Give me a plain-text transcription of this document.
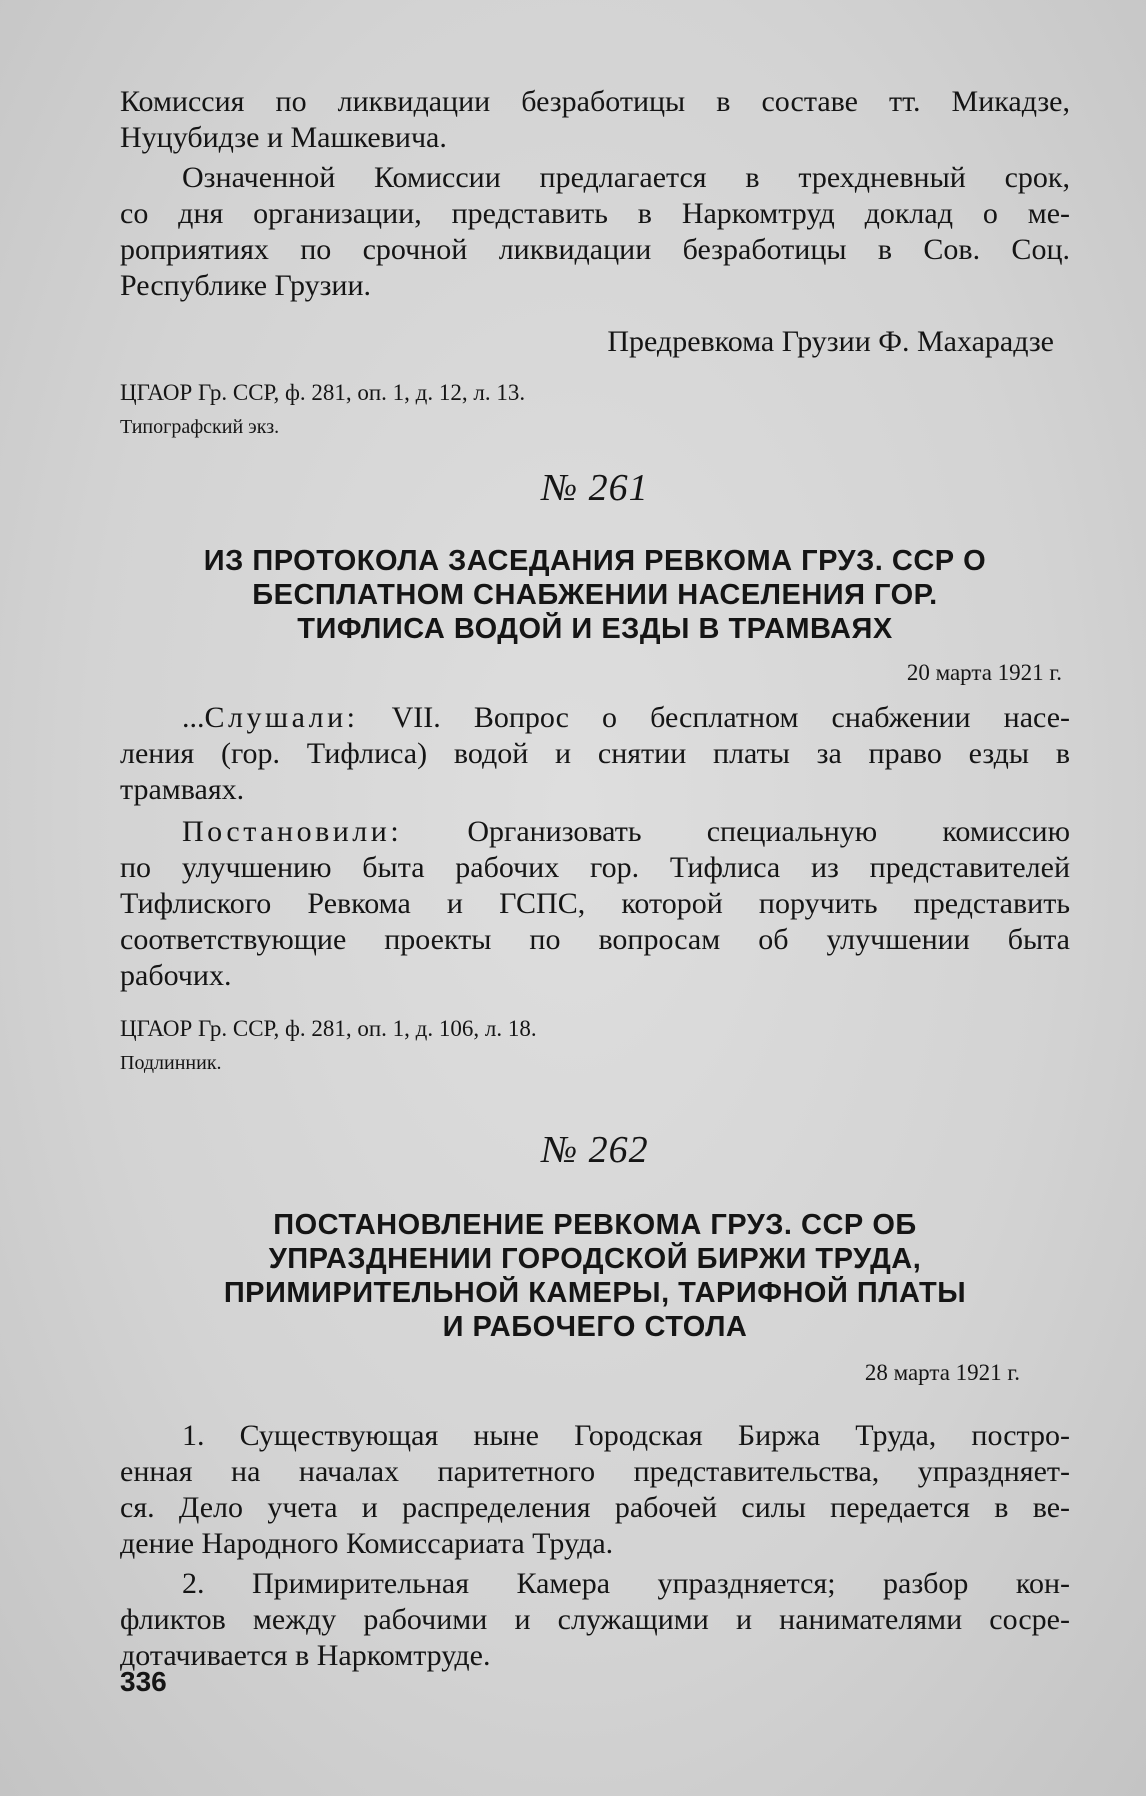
Комиссия по ликвидации безработицы в составе тт. Микадзе,
Нуцубидзе и Машкевича.

Означенной Комиссии предлагается в трехдневный срок,
со дня организации, представить в Наркомтруд доклад о ме-
роприятиях по срочной ликвидации безработицы в Сов. Соц.
Республике Грузии.

Предревкома Грузии Ф. Махарадзе

ЦГАОР Гр. ССР, ф. 281, оп. 1, д. 12, л. 13.

Типографский экз.

№ 261

ИЗ ПРОТОКОЛА ЗАСЕДАНИЯ РЕВКОМА ГРУЗ. ССР О

БЕСПЛАТНОМ СНАБЖЕНИИ НАСЕЛЕНИЯ ГОР.

ТИФЛИСА ВОДОЙ И ЕЗДЫ В ТРАМВАЯХ

20 марта 1921 г.

...Слушали: VII. Вопрос о бесплатном снабжении насе-
ления (гор. Тифлиса) водой и снятии платы за право езды в
трамваях.

Постановили: Организовать специальную комиссию
по улучшению быта рабочих гор. Тифлиса из представителей
Тифлиского Ревкома и ГСПС, которой поручить представить
соответствующие проекты по вопросам об улучшении быта
рабочих.

ЦГАОР Гр. ССР, ф. 281, оп. 1, д. 106, л. 18.

Подлинник.

№ 262

ПОСТАНОВЛЕНИЕ РЕВКОМА ГРУЗ. ССР ОБ

УПРАЗДНЕНИИ ГОРОДСКОЙ БИРЖИ ТРУДА,

ПРИМИРИТЕЛЬНОЙ КАМЕРЫ, ТАРИФНОЙ ПЛАТЫ

И РАБОЧЕГО СТОЛА

28 марта 1921 г.

1. Существующая ныне Городская Биржа Труда, постро-
енная на началах паритетного представительства, упраздняет-
ся. Дело учета и распределения рабочей силы передается в ве-
дение Народного Комиссариата Труда.

2. Примирительная Камера упраздняется; разбор кон-
фликтов между рабочими и служащими и нанимателями сосре-
дотачивается в Наркомтруде.

336
